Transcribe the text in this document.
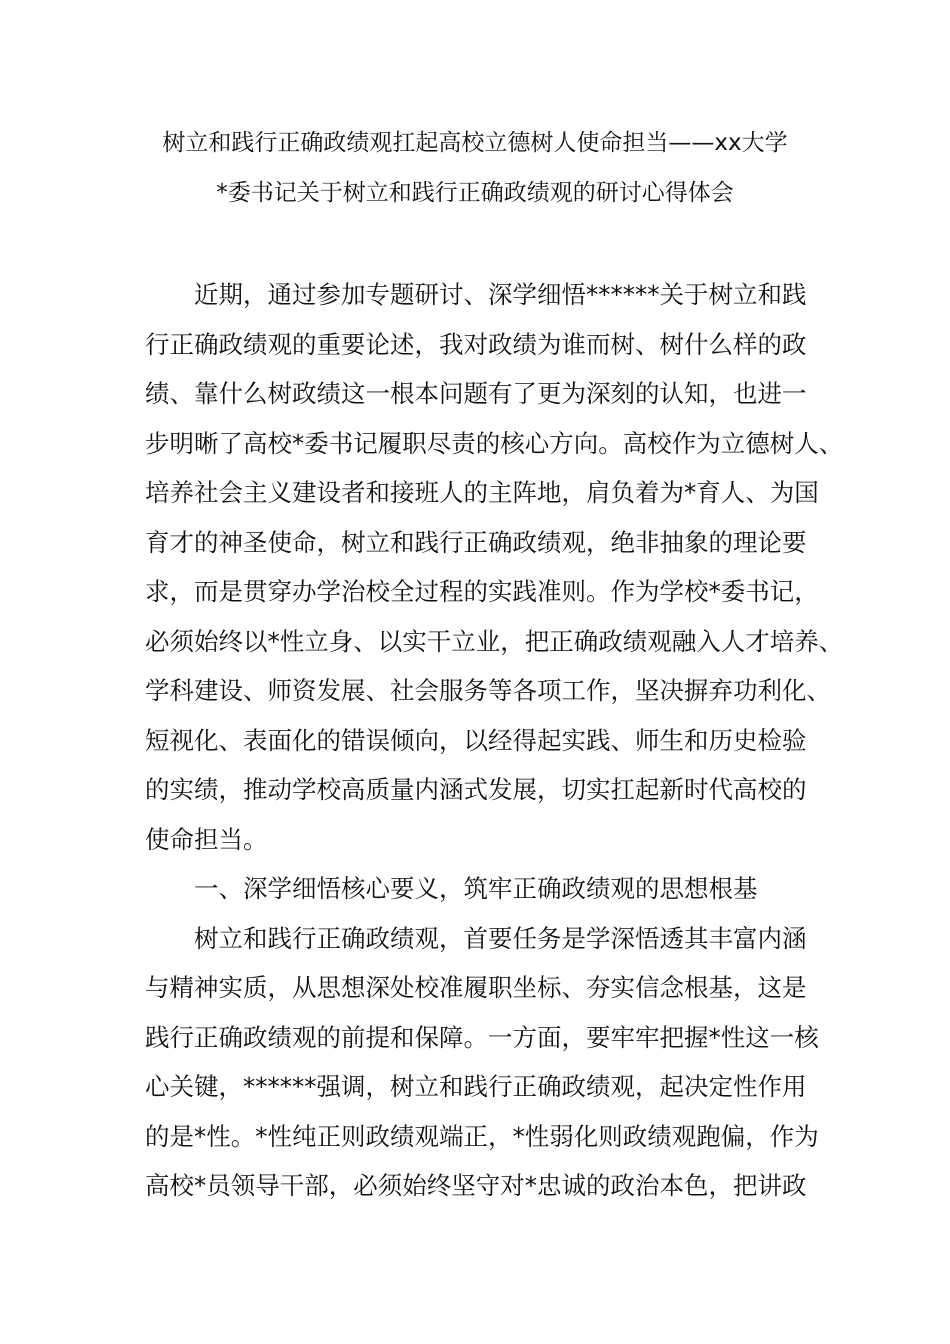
树立和践行正确政绩观扛起高校立德树人使命担当——xx大学
*委书记关于树立和践行正确政绩观的研讨心得体会
近期，通过参加专题研讨、深学细悟******关于树立和践
行正确政绩观的重要论述，我对政绩为谁而树、树什么样的政
绩、靠什么树政绩这一根本问题有了更为深刻的认知，也进一
步明晰了高校*委书记履职尽责的核心方向。高校作为立德树人、
培养社会主义建设者和接班人的主阵地，肩负着为*育人、为国
育才的神圣使命，树立和践行正确政绩观，绝非抽象的理论要
求，而是贯穿办学治校全过程的实践准则。作为学校*委书记，
必须始终以*性立身、以实干立业，把正确政绩观融入人才培养、
学科建设、师资发展、社会服务等各项工作，坚决摒弃功利化、
短视化、表面化的错误倾向，以经得起实践、师生和历史检验
的实绩，推动学校高质量内涵式发展，切实扛起新时代高校的
使命担当。
一、深学细悟核心要义，筑牢正确政绩观的思想根基
树立和践行正确政绩观，首要任务是学深悟透其丰富内涵
与精神实质，从思想深处校准履职坐标、夯实信念根基，这是
践行正确政绩观的前提和保障。一方面，要牢牢把握*性这一核
心关键，******强调，树立和践行正确政绩观，起决定性作用
的是*性。*性纯正则政绩观端正，*性弱化则政绩观跑偏，作为
高校*员领导干部，必须始终坚守对*忠诚的政治本色，把讲政
